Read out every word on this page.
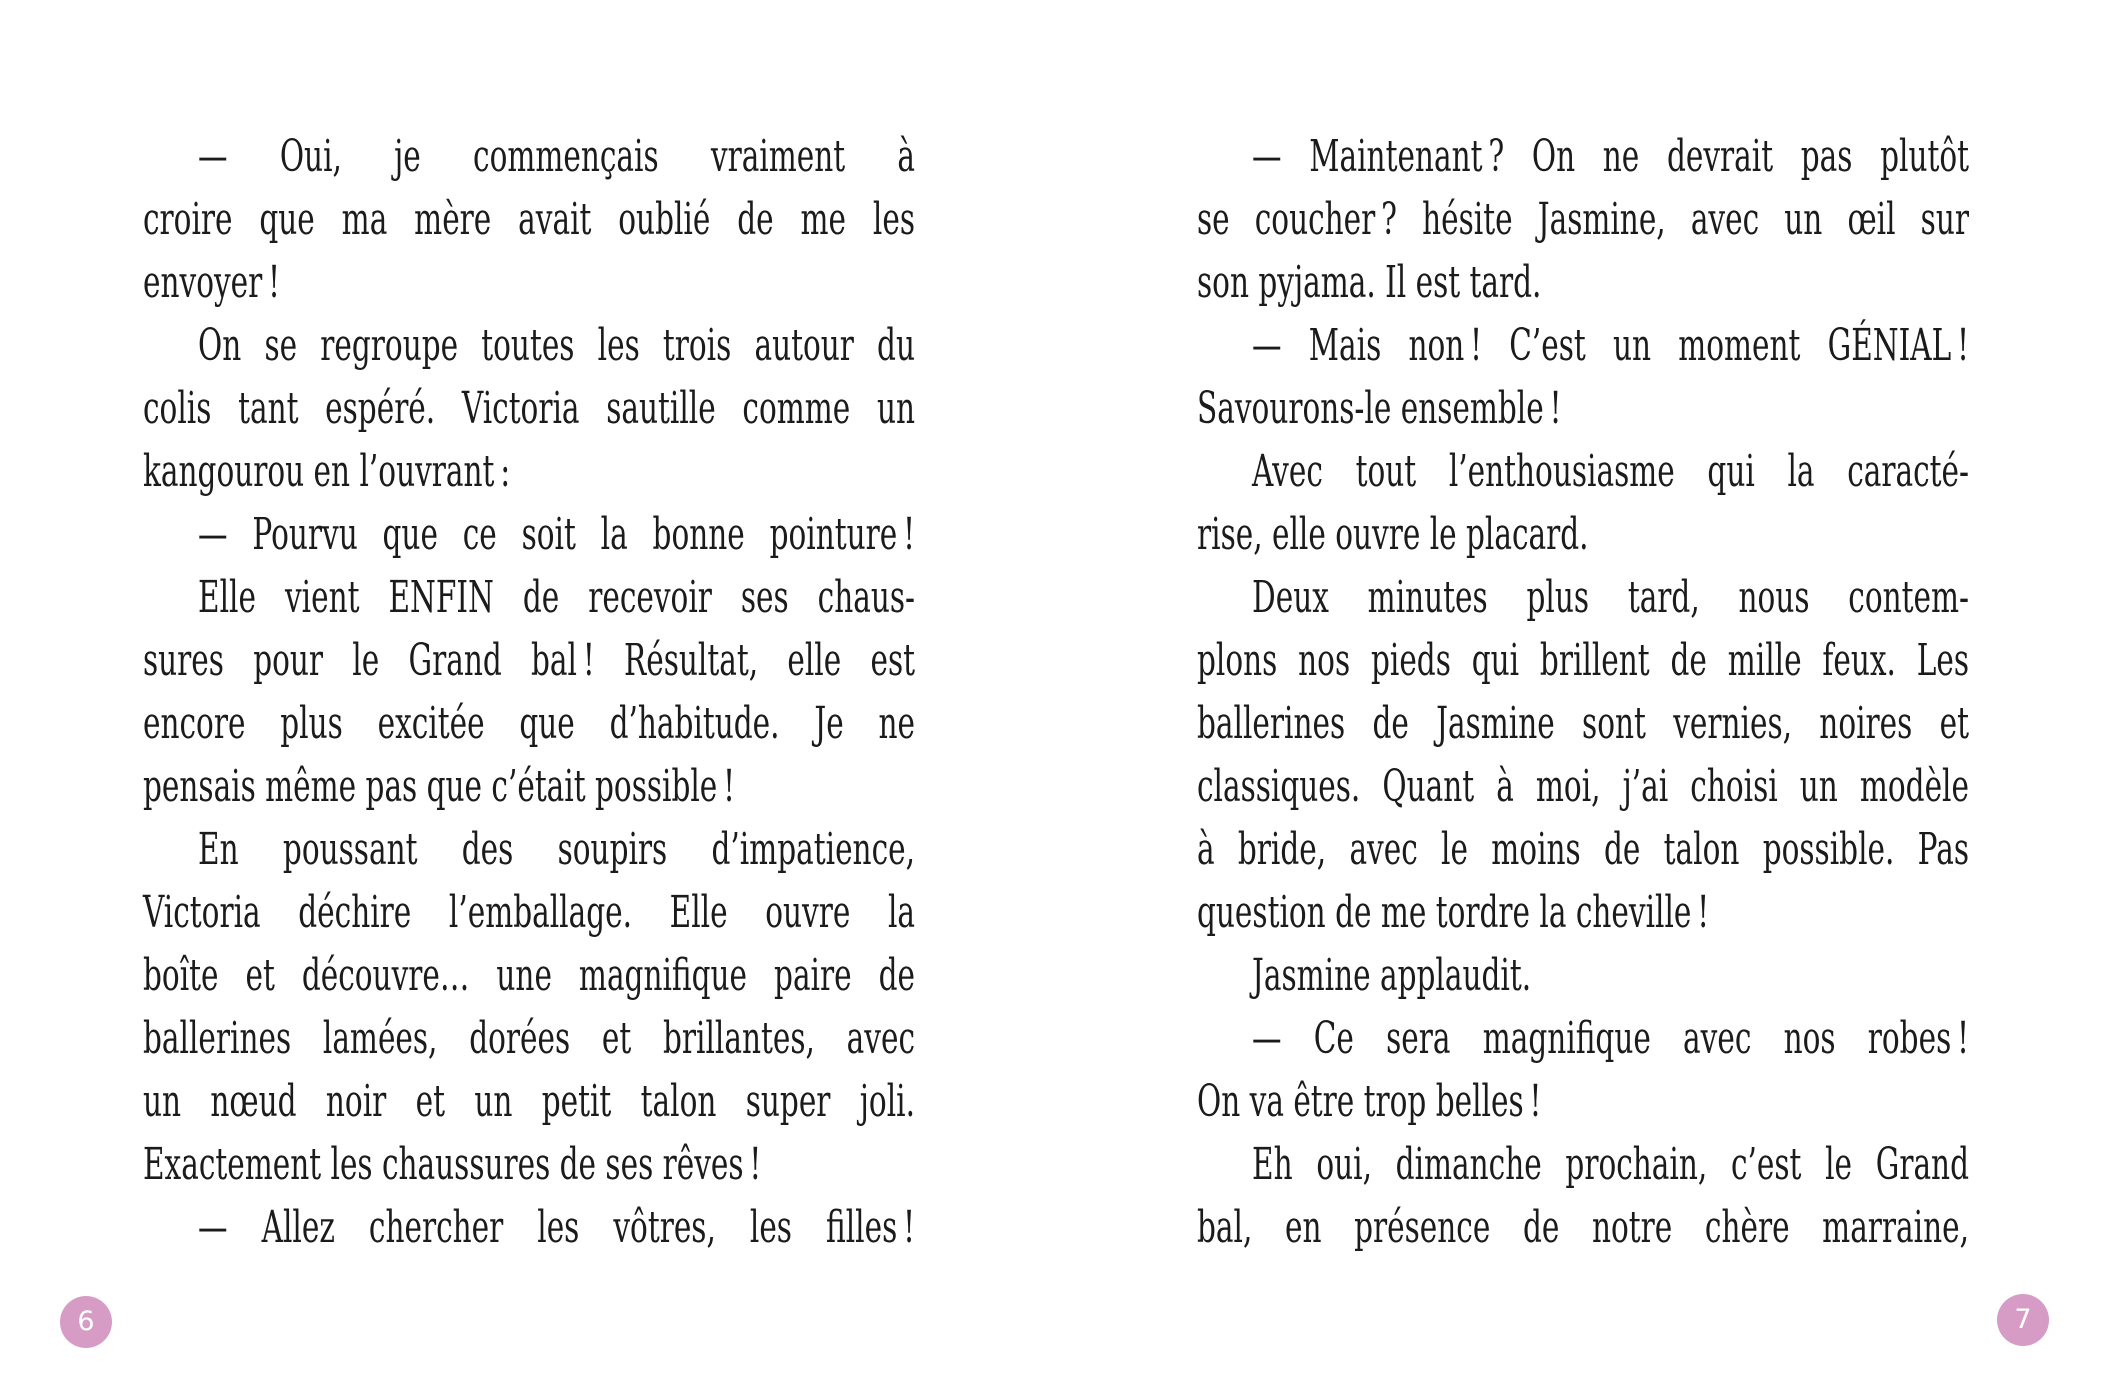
— Oui, je commençais vraiment à
croire que ma mère avait oublié de me les
envoyer !
On se regroupe toutes les trois autour du
colis tant espéré. Victoria sautille comme un
kangourou en l’ouvrant :
— Pourvu que ce soit la bonne pointure !
Elle vient ENFIN de recevoir ses chaus-
sures pour le Grand bal ! Résultat, elle est
encore plus excitée que d’habitude. Je ne
pensais même pas que c’était possible !
En poussant des soupirs d’impatience,
Victoria déchire l’emballage. Elle ouvre la
boîte et découvre… une magnifique paire de
ballerines lamées, dorées et brillantes, avec
un nœud noir et un petit talon super joli.
Exactement les chaussures de ses rêves !
— Allez chercher les vôtres, les filles !
6
— Maintenant ? On ne devrait pas plutôt
se coucher ? hésite Jasmine, avec un œil sur
son pyjama. Il est tard.
— Mais non ! C’est un moment GÉNIAL !
Savourons-le ensemble !
Avec tout l’enthousiasme qui la caracté-
rise, elle ouvre le placard.
Deux minutes plus tard, nous contem-
plons nos pieds qui brillent de mille feux. Les
ballerines de Jasmine sont vernies, noires et
classiques. Quant à moi, j’ai choisi un modèle
à bride, avec le moins de talon possible. Pas
question de me tordre la cheville !
Jasmine applaudit.
— Ce sera magnifique avec nos robes !
On va être trop belles !
Eh oui, dimanche prochain, c’est le Grand
bal, en présence de notre chère marraine,
7
